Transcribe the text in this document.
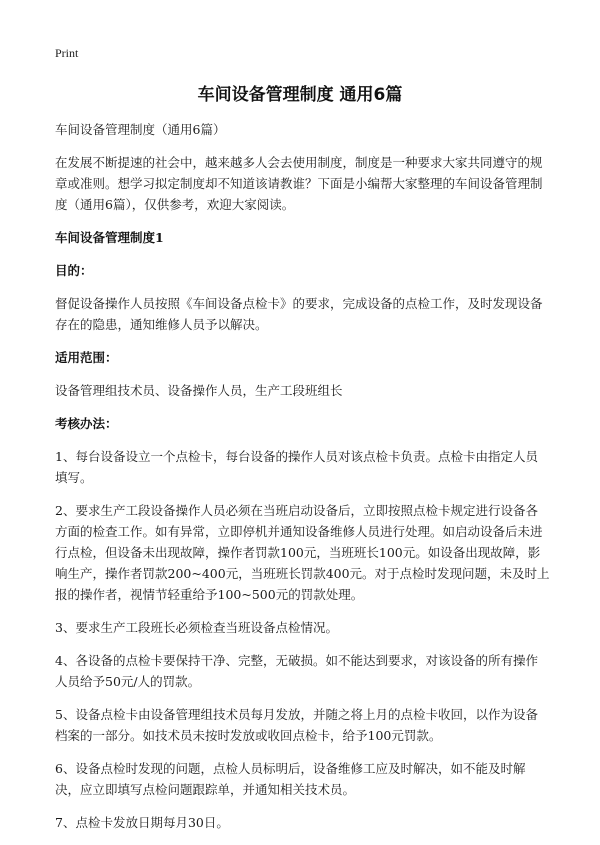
Print
车间设备管理制度 通用6篇

车间设备管理制度（通用6篇）

在发展不断提速的社会中，越来越多人会去使用制度，制度是一种要求大家共同遵守的规章或准则。想学习拟定制度却不知道该请教谁？下面是小编帮大家整理的车间设备管理制度（通用6篇），仅供参考，欢迎大家阅读。

车间设备管理制度1

目的：

督促设备操作人员按照《车间设备点检卡》的要求，完成设备的点检工作，及时发现设备存在的隐患，通知维修人员予以解决。

适用范围：

设备管理组技术员、设备操作人员，生产工段班组长

考核办法：

1、每台设备设立一个点检卡，每台设备的操作人员对该点检卡负责。点检卡由指定人员填写。

2、要求生产工段设备操作人员必须在当班启动设备后，立即按照点检卡规定进行设备各方面的检查工作。如有异常，立即停机并通知设备维修人员进行处理。如启动设备后未进行点检，但设备未出现故障，操作者罚款100元，当班班长100元。如设备出现故障，影响生产，操作者罚款200~400元，当班班长罚款400元。对于点检时发现问题，未及时上报的操作者，视情节轻重给予100~500元的罚款处理。

3、要求生产工段班长必须检查当班设备点检情况。

4、各设备的点检卡要保持干净、完整，无破损。如不能达到要求，对该设备的所有操作人员给予50元/人的罚款。

5、设备点检卡由设备管理组技术员每月发放，并随之将上月的点检卡收回，以作为设备档案的一部分。如技术员未按时发放或收回点检卡，给予100元罚款。

6、设备点检时发现的问题，点检人员标明后，设备维修工应及时解决，如不能及时解决，应立即填写点检问题跟踪单，并通知相关技术员。

7、点检卡发放日期每月30日。
